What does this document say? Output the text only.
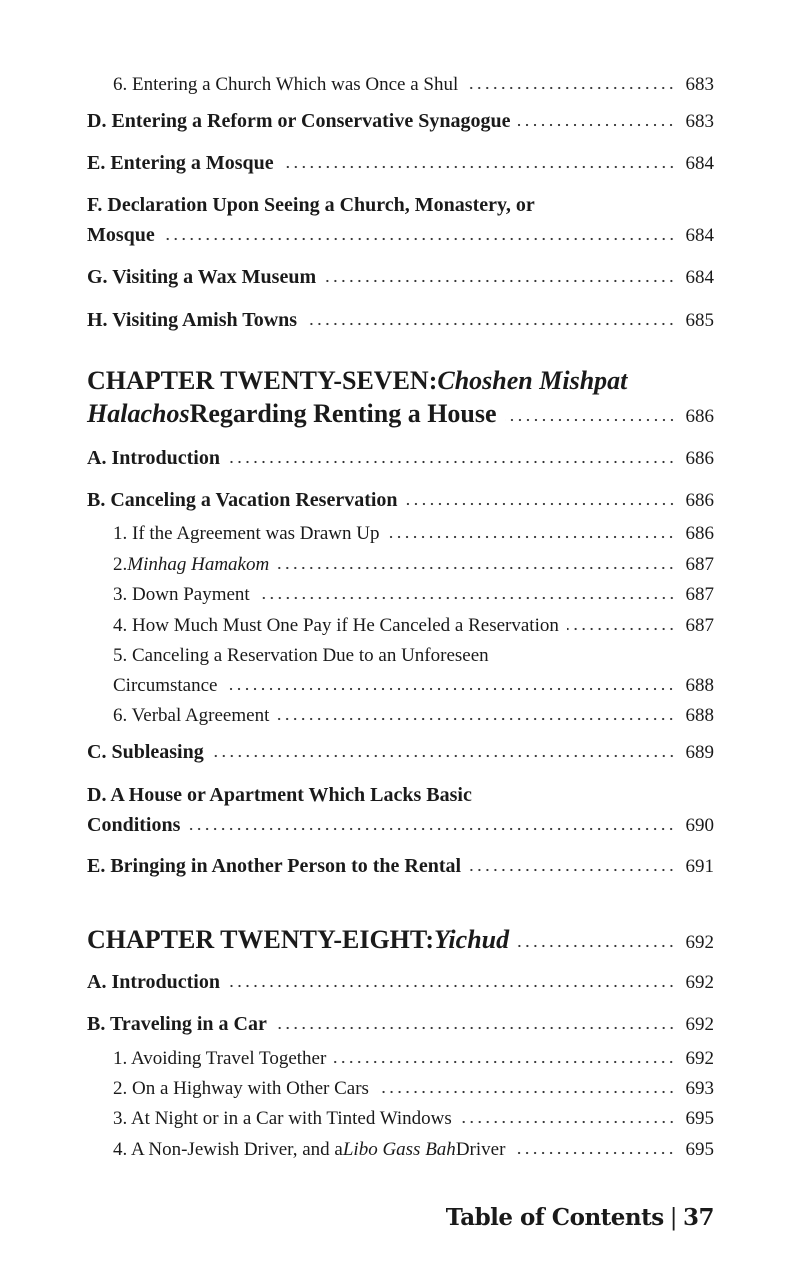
6. Entering a Church Which was Once a Shul	683
D. Entering a Reform or Conservative Synagogue	683
E. Entering a Mosque	684
F. Declaration Upon Seeing a Church, Monastery, or
Mosque	684
G. Visiting a Wax Museum	684
H. Visiting Amish Towns	685
CHAPTER TWENTY-SEVEN: Choshen Mishpat
Halachos Regarding Renting a House	686
A. Introduction	686
B. Canceling a Vacation Reservation	686
1. If the Agreement was Drawn Up	686
2. Minhag Hamakom	687
3. Down Payment	687
4. How Much Must One Pay if He Canceled a Reservation	687
5. Canceling a Reservation Due to an Unforeseen
Circumstance	688
6. Verbal Agreement	688
C. Subleasing	689
D. A House or Apartment Which Lacks Basic
Conditions	690
E. Bringing in Another Person to the Rental	691
CHAPTER TWENTY-EIGHT: Yichud	692
A. Introduction	692
B. Traveling in a Car	692
1. Avoiding Travel Together	692
2. On a Highway with Other Cars	693
3. At Night or in a Car with Tinted Windows	695
4. A Non-Jewish Driver, and a Libo Gass Bah Driver	695
Table of Contents | 37
